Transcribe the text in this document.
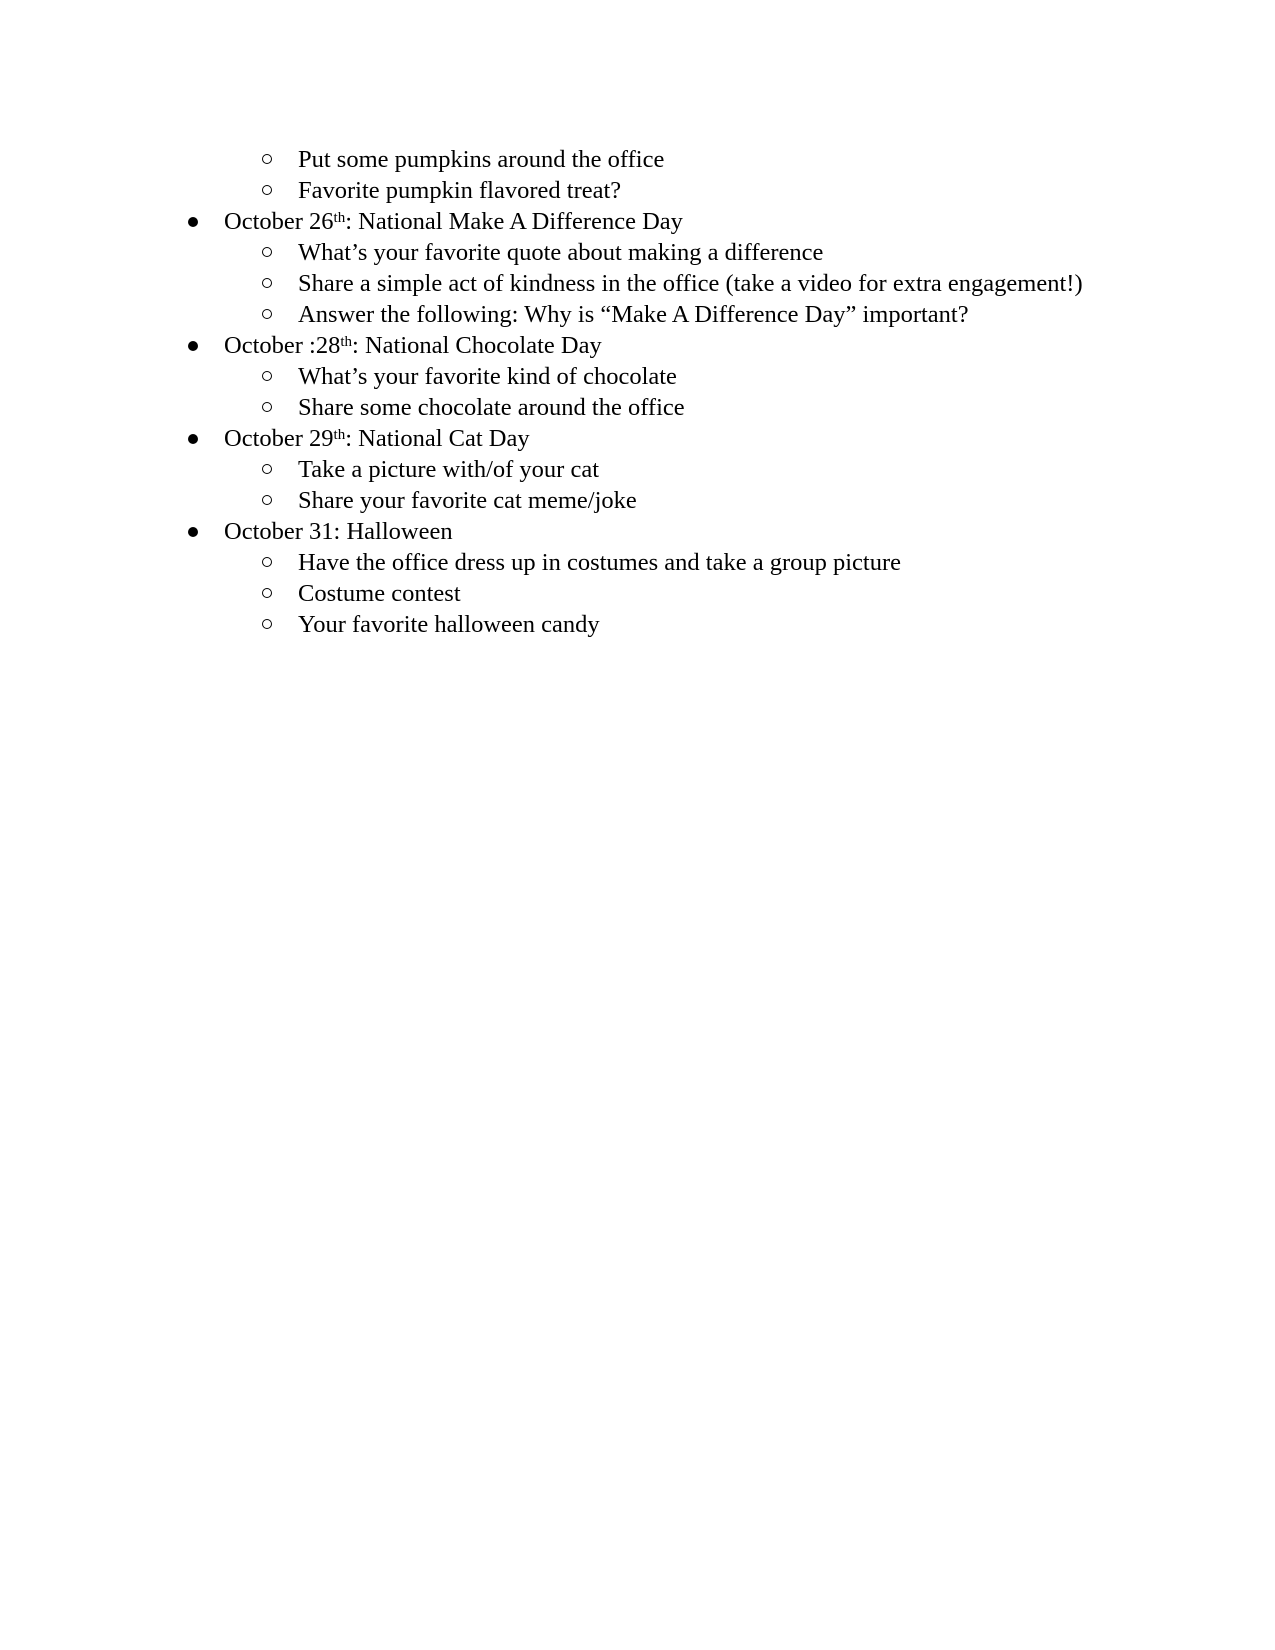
Put some pumpkins around the office
Favorite pumpkin flavored treat?
October 26th: National Make A Difference Day
What’s your favorite quote about making a difference
Share a simple act of kindness in the office (take a video for extra engagement!)
Answer the following: Why is “Make A Difference Day” important?
October :28th: National Chocolate Day
What’s your favorite kind of chocolate
Share some chocolate around the office
October 29th: National Cat Day
Take a picture with/of your cat
Share your favorite cat meme/joke
October 31: Halloween
Have the office dress up in costumes and take a group picture
Costume contest
Your favorite halloween candy
